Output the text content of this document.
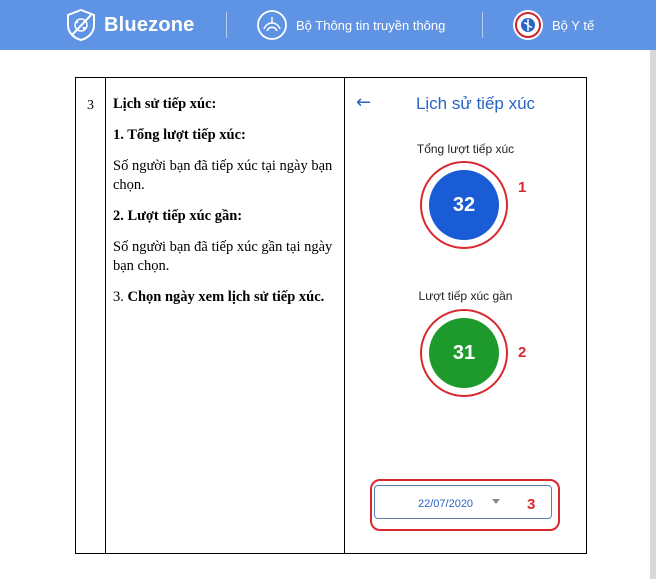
Bluezone	Bộ Thông tin truyền thông	Bộ Y tế
3	Lịch sử tiếp xúc:

1. Tổng lượt tiếp xúc:

Số người bạn đã tiếp xúc tại ngày bạn chọn.

2. Lượt tiếp xúc gần:

Số người bạn đã tiếp xúc gần tại ngày bạn chọn.

3. Chọn ngày xem lịch sử tiếp xúc.

←	Lịch sử tiếp xúc
Tổng lượt tiếp xúc
32
1
Lượt tiếp xúc gần
31	2
22/07/2020	3
